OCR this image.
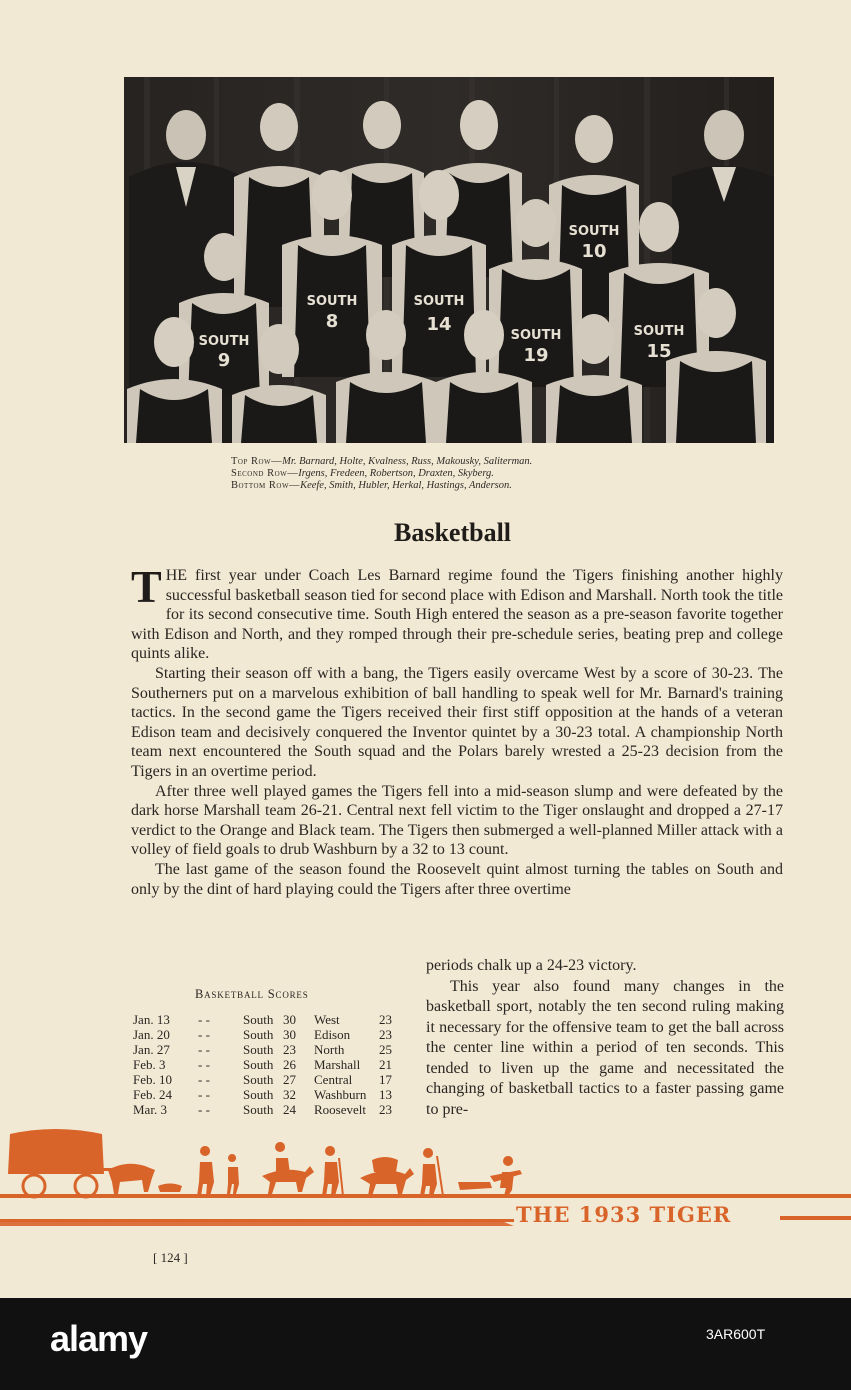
SOUTH
9
SOUTH
8
SOUTH
14
SOUTH
19
SOUTH
15
SOUTH
10
Top Row—Mr. Barnard, Holte, Kvalness, Russ, Makousky, Saliterman.
Second Row—Irgens, Fredeen, Robertson, Draxten, Skyberg.
Bottom Row—Keefe, Smith, Hubler, Herkal, Hastings, Anderson.
Basketball

THE first year under Coach Les Barnard regime found the Tigers finishing another highly successful basketball season tied for second place with Edison and Marshall. North took the title for its second consecutive time. South High entered the season as a pre-season favorite together with Edison and North, and they romped through their pre-schedule series, beating prep and college quints alike.

Starting their season off with a bang, the Tigers easily overcame West by a score of 30-23. The Southerners put on a marvelous exhibition of ball handling to speak well for Mr. Barnard's training tactics. In the second game the Tigers received their first stiff opposition at the hands of a veteran Edison team and decisively conquered the Inventor quintet by a 30-23 total. A championship North team next encountered the South squad and the Polars barely wrested a 25-23 decision from the Tigers in an overtime period.

After three well played games the Tigers fell into a mid-season slump and were defeated by the dark horse Marshall team 26-21. Central next fell victim to the Tiger onslaught and dropped a 27-17 verdict to the Orange and Black team. The Tigers then submerged a well-planned Miller attack with a volley of field goals to drub Washburn by a 32 to 13 count.

The last game of the season found the Roosevelt quint almost turning the tables on South and only by the dint of hard playing could the Tigers after three overtime

periods chalk up a 24-23 victory.

This year also found many changes in the basketball sport, notably the ten second ruling making it necessary for the offensive team to get the ball across the center line within a period of ten seconds. This tended to liven up the game and necessitated the changing of basketball tactics to a faster passing game to pre-

Basketball Scores
Jan. 13 - -	South 30 West	23
Jan. 20 - -	South 30 Edison 23
Jan. 27 - -	South 23 North	25
Feb. 3	- -	South 26 Marshall 21
Feb. 10 - -	South 27 Central 17
Feb. 24 - -	South 32 Washburn 13
Mar. 3 - -	South 24 Roosevelt 23
THE 1933 TIGER
[ 124 ]
alamy	3AR600T
